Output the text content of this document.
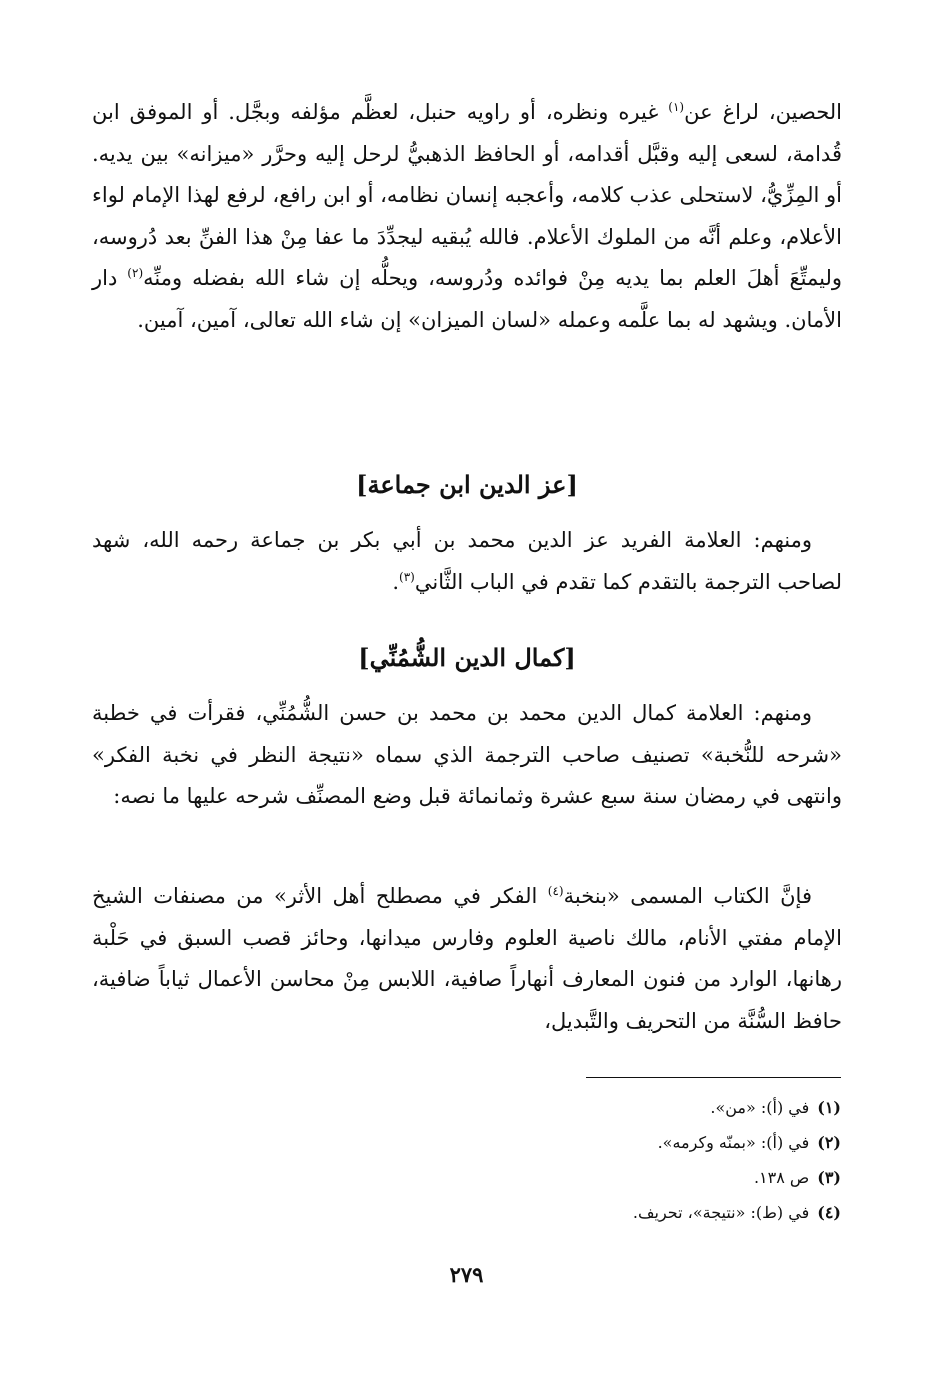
الحصين، لراغ عن$^{(١)}$ غيره ونظره، أو راويه حنبل، لعظَّم مؤلفه وبجَّل. أو الموفق ابن قُدامة، لسعى إليه وقبَّل أقدامه، أو الحافظ الذهبيُّ لرحل إليه وحرَّر «ميزانه» بين يديه. أو المِزِّيُّ، لاستحلى عذب كلامه، وأعجبه إنسان نظامه، أو ابن رافع، لرفع لهذا الإمام لواء الأعلام، وعلم أنَّه من الملوك الأعلام. فالله يُبقيه ليجدِّدَ ما عفا مِنْ هذا الفنِّ بعد دُروسه، وليمتِّعَ أهلَ العلم بما يديه مِنْ فوائده ودُروسه، ويحلُّه إن شاء الله بفضله ومنِّه$^{(٢)}$ دار الأمان. ويشهد له بما علَّمه وعمله «لسان الميزان» إن شاء الله تعالى، آمين، آمين.

[عز الدين ابن جماعة]

ومنهم: العلامة الفريد عز الدين محمد بن أبي بكر بن جماعة رحمه الله، شهد لصاحب الترجمة بالتقدم كما تقدم في الباب الثَّاني$^{(٣)}$.

[كمال الدين الشُّمُنِّي]

ومنهم: العلامة كمال الدين محمد بن محمد بن حسن الشُّمُنِّي، فقرأت في خطبة «شرحه للنُّخبة» تصنيف صاحب الترجمة الذي سماه «نتيجة النظر في نخبة الفكر» وانتهى في رمضان سنة سبع عشرة وثمانمائة قبل وضع المصنِّف شرحه عليها ما نصه:

فإنَّ الكتاب المسمى «بنخبة$^{(٤)}$ الفكر في مصطلح أهل الأثر» من مصنفات الشيخ الإمام مفتي الأنام، مالك ناصية العلوم وفارس ميدانها، وحائز قصب السبق في حَلْبة رهانها، الوارد من فنون المعارف أنهاراً صافية، اللابس مِنْ محاسن الأعمال ثياباً ضافية، حافظ السُّنَّة من التحريف والتَّبديل،

(١)في (أ): «من».

(٢)في (أ): «بمنّه وكرمه».

(٣)ص ١٣٨.

(٤)في (ط): «نتيجة»، تحريف.

٢٧٩
